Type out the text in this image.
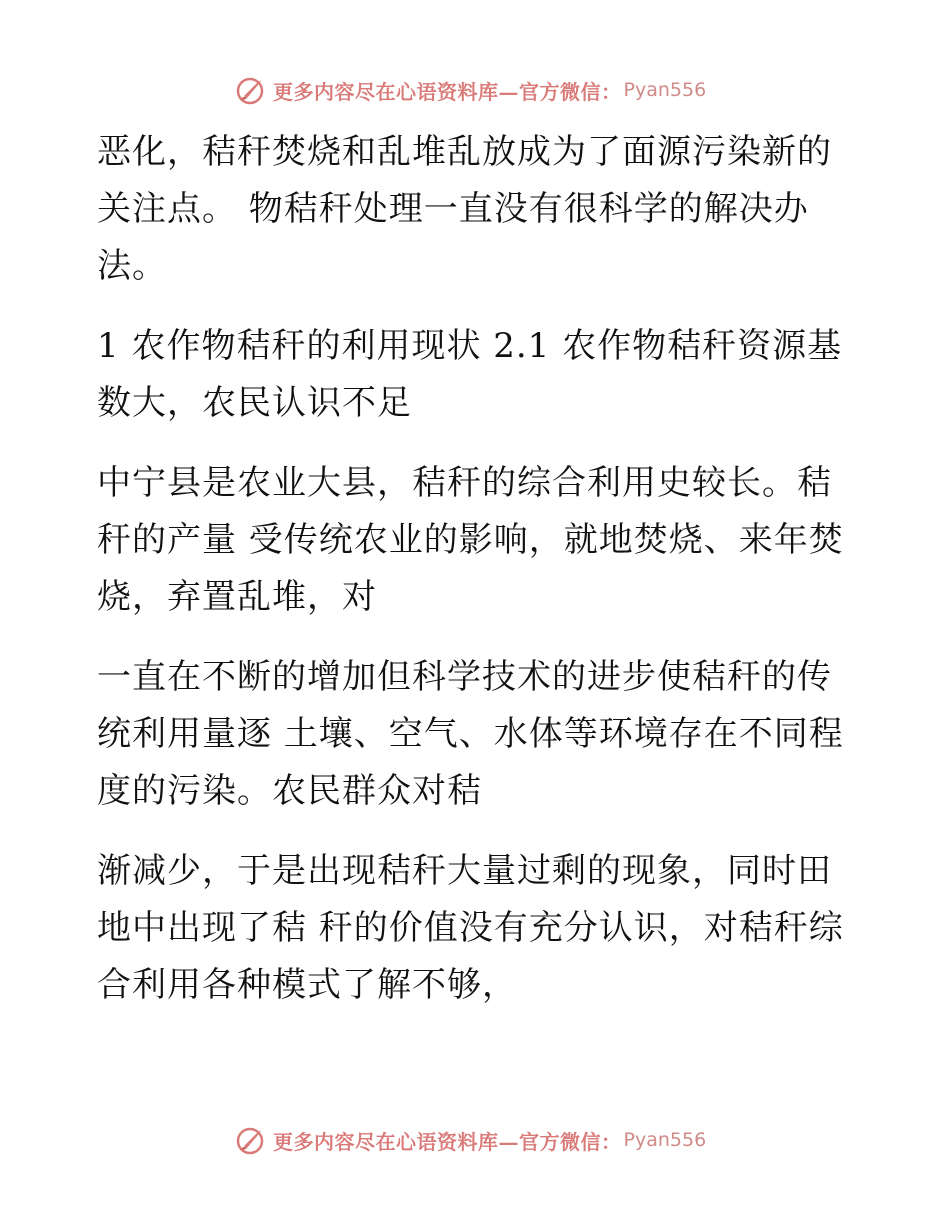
更多内容尽在心语资料库—官方微信： Pyan556

恶化，秸秆焚烧和乱堆乱放成为了面源污染新的关注点。 物秸秆处理一直没有很科学的解决办法。

1 农作物秸秆的利用现状 2.1 农作物秸秆资源基数大，农民认识不足

中宁县是农业大县，秸秆的综合利用史较长。秸秆的产量 受传统农业的影响，就地焚烧、来年焚烧，弃置乱堆，对

一直在不断的增加但科学技术的进步使秸秆的传统利用量逐 土壤、空气、水体等环境存在不同程度的污染。农民群众对秸

渐减少，于是出现秸秆大量过剩的现象，同时田地中出现了秸 秆的价值没有充分认识，对秸秆综合利用各种模式了解不够，

更多内容尽在心语资料库—官方微信： Pyan556
